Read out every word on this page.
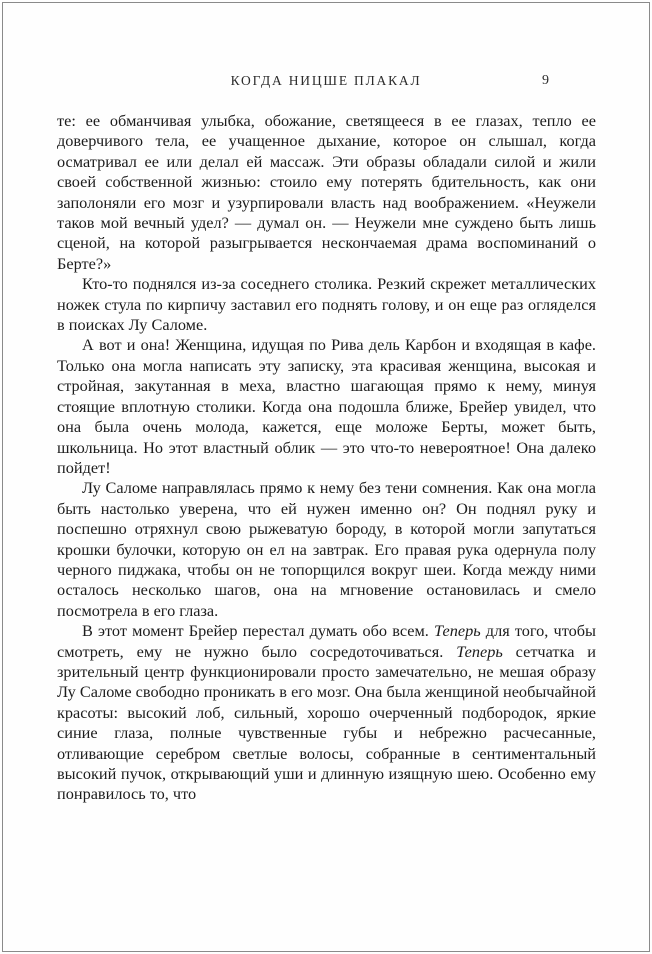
КОГДА НИЦШЕ ПЛАКАЛ	9

те: ее обманчивая улыбка, обожание, светящееся в ее глазах, тепло ее доверчивого тела, ее учащенное дыхание, которое он слышал, когда осматривал ее или делал ей массаж. Эти образы обладали силой и жили своей собственной жизнью: стоило ему потерять бдительность, как они заполоняли его мозг и узурпировали власть над воображением. «Неужели таков мой вечный удел? — думал он. — Неужели мне суждено быть лишь сценой, на которой разыгрывается нескончаемая драма воспоминаний о Берте?»

Кто-то поднялся из-за соседнего столика. Резкий скрежет металлических ножек стула по кирпичу заставил его поднять голову, и он еще раз огляделся в поисках Лу Саломе.

А вот и она! Женщина, идущая по Рива дель Карбон и входящая в кафе. Только она могла написать эту записку, эта красивая женщина, высокая и стройная, закутанная в меха, властно шагающая прямо к нему, минуя стоящие вплотную столики. Когда она подошла ближе, Брейер увидел, что она была очень молода, кажется, еще моложе Берты, может быть, школьница. Но этот властный облик — это что-то невероятное! Она далеко пойдет!

Лу Саломе направлялась прямо к нему без тени сомнения. Как она могла быть настолько уверена, что ей нужен именно он? Он поднял руку и поспешно отряхнул свою рыжеватую бороду, в которой могли запутаться крошки булочки, которую он ел на завтрак. Его правая рука одернула полу черного пиджака, чтобы он не топорщился вокруг шеи. Когда между ними осталось несколько шагов, она на мгновение остановилась и смело посмотрела в его глаза.

В этот момент Брейер перестал думать обо всем. Теперь для того, чтобы смотреть, ему не нужно было сосредоточиваться. Теперь сетчатка и зрительный центр функционировали просто замечательно, не мешая образу Лу Саломе свободно проникать в его мозг. Она была женщиной необычайной красоты: высокий лоб, сильный, хорошо очерченный подбородок, яркие синие глаза, полные чувственные губы и небрежно расчесанные, отливающие серебром светлые волосы, собранные в сентиментальный высокий пучок, открывающий уши и длинную изящную шею. Особенно ему понравилось то, что
